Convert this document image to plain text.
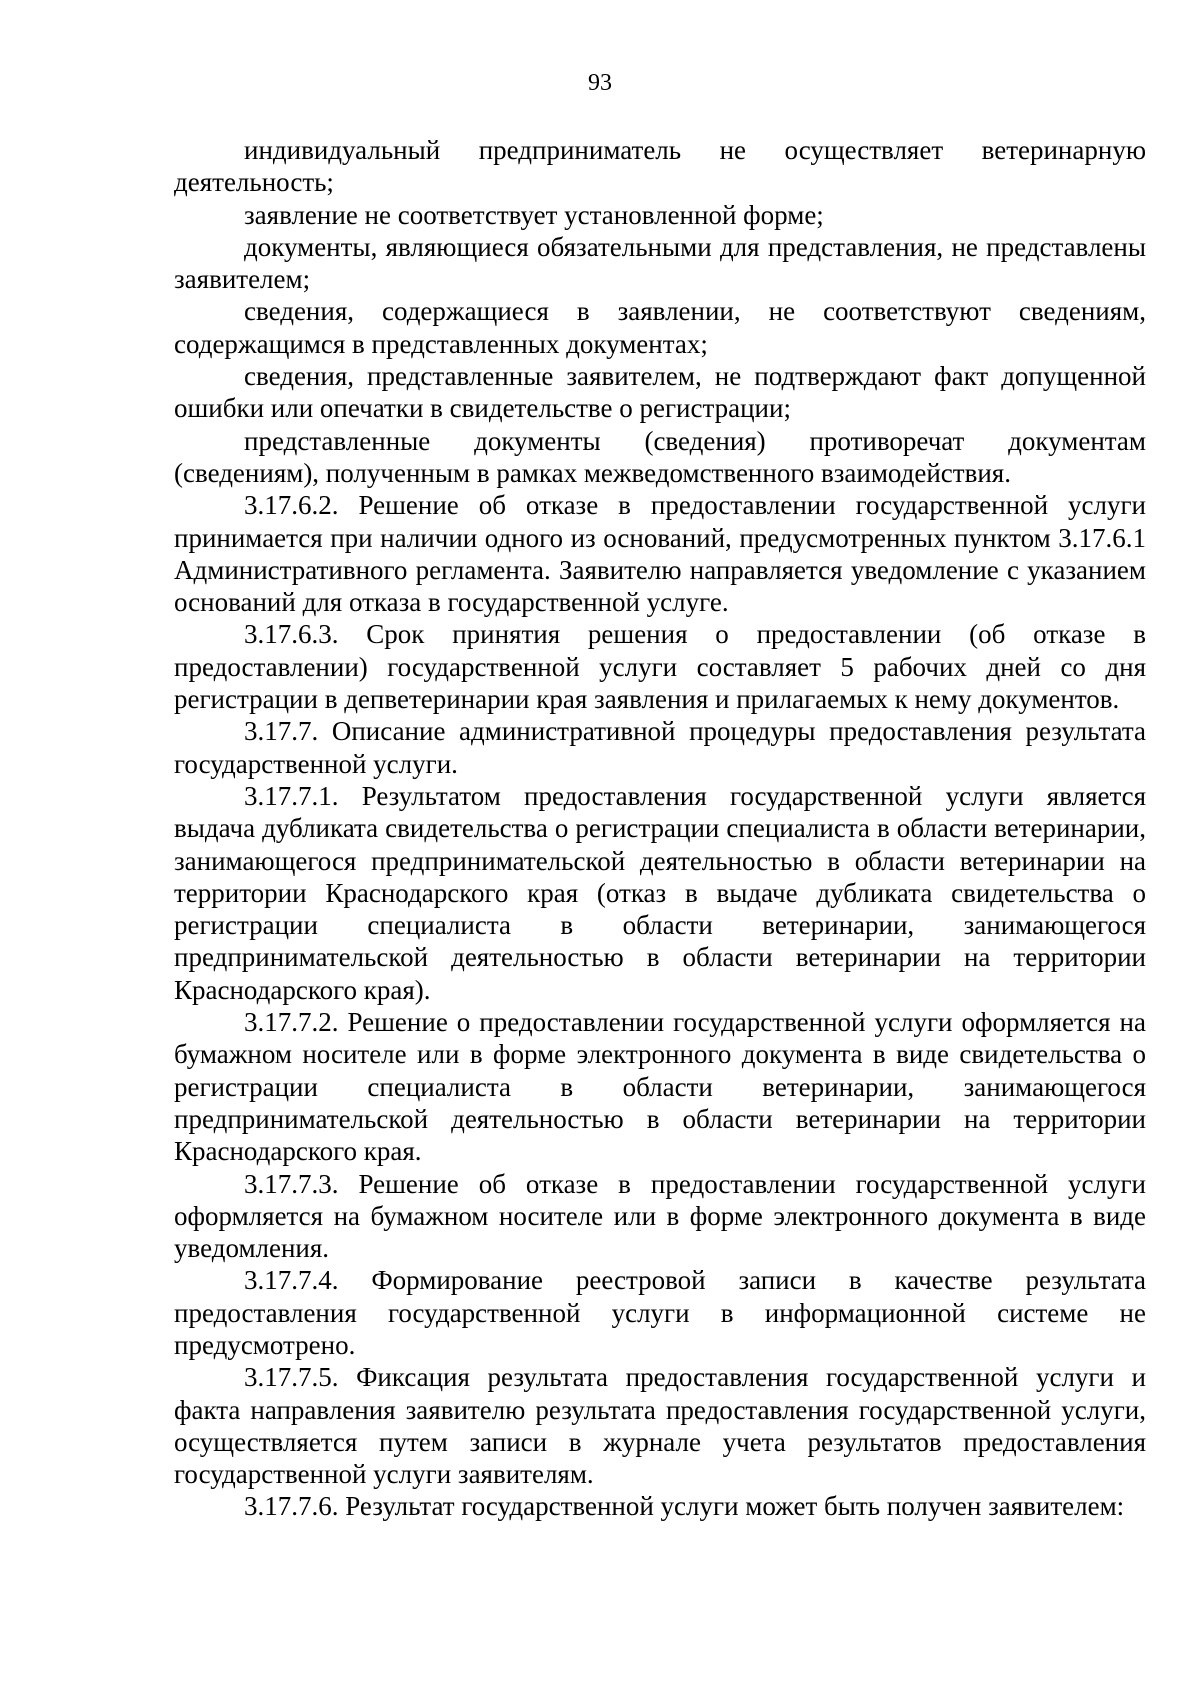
93

индивидуальный предприниматель не осуществляет ветеринарную деятельность;

заявление не соответствует установленной форме;

документы, являющиеся обязательными для представления, не представлены заявителем;

сведения, содержащиеся в заявлении, не соответствуют сведениям, содержащимся в представленных документах;

сведения, представленные заявителем, не подтверждают факт допущенной ошибки или опечатки в свидетельстве о регистрации;

представленные документы (сведения) противоречат документам (сведениям), полученным в рамках межведомственного взаимодействия.

3.17.6.2. Решение об отказе в предоставлении государственной услуги принимается при наличии одного из оснований, предусмотренных пунктом 3.17.6.1 Административного регламента. Заявителю направляется уведомление с указанием оснований для отказа в государственной услуге.

3.17.6.3. Срок принятия решения о предоставлении (об отказе в предоставлении) государственной услуги составляет 5 рабочих дней со дня регистрации в депветеринарии края заявления и прилагаемых к нему документов.

3.17.7. Описание административной процедуры предоставления результата государственной услуги.

3.17.7.1. Результатом предоставления государственной услуги является выдача дубликата свидетельства о регистрации специалиста в области ветеринарии, занимающегося предпринимательской деятельностью в области ветеринарии на территории Краснодарского края (отказ в выдаче дубликата свидетельства о регистрации специалиста в области ветеринарии, занимающегося предпринимательской деятельностью в области ветеринарии на территории Краснодарского края).

3.17.7.2. Решение о предоставлении государственной услуги оформляется на бумажном носителе или в форме электронного документа в виде свидетельства о регистрации специалиста в области ветеринарии, занимающегося предпринимательской деятельностью в области ветеринарии на территории Краснодарского края.

3.17.7.3. Решение об отказе в предоставлении государственной услуги оформляется на бумажном носителе или в форме электронного документа в виде уведомления.

3.17.7.4. Формирование реестровой записи в качестве результата предоставления государственной услуги в информационной системе не предусмотрено.

3.17.7.5. Фиксация результата предоставления государственной услуги и факта направления заявителю результата предоставления государственной услуги, осуществляется путем записи в журнале учета результатов предоставления государственной услуги заявителям.

3.17.7.6. Результат государственной услуги может быть получен заявителем:
